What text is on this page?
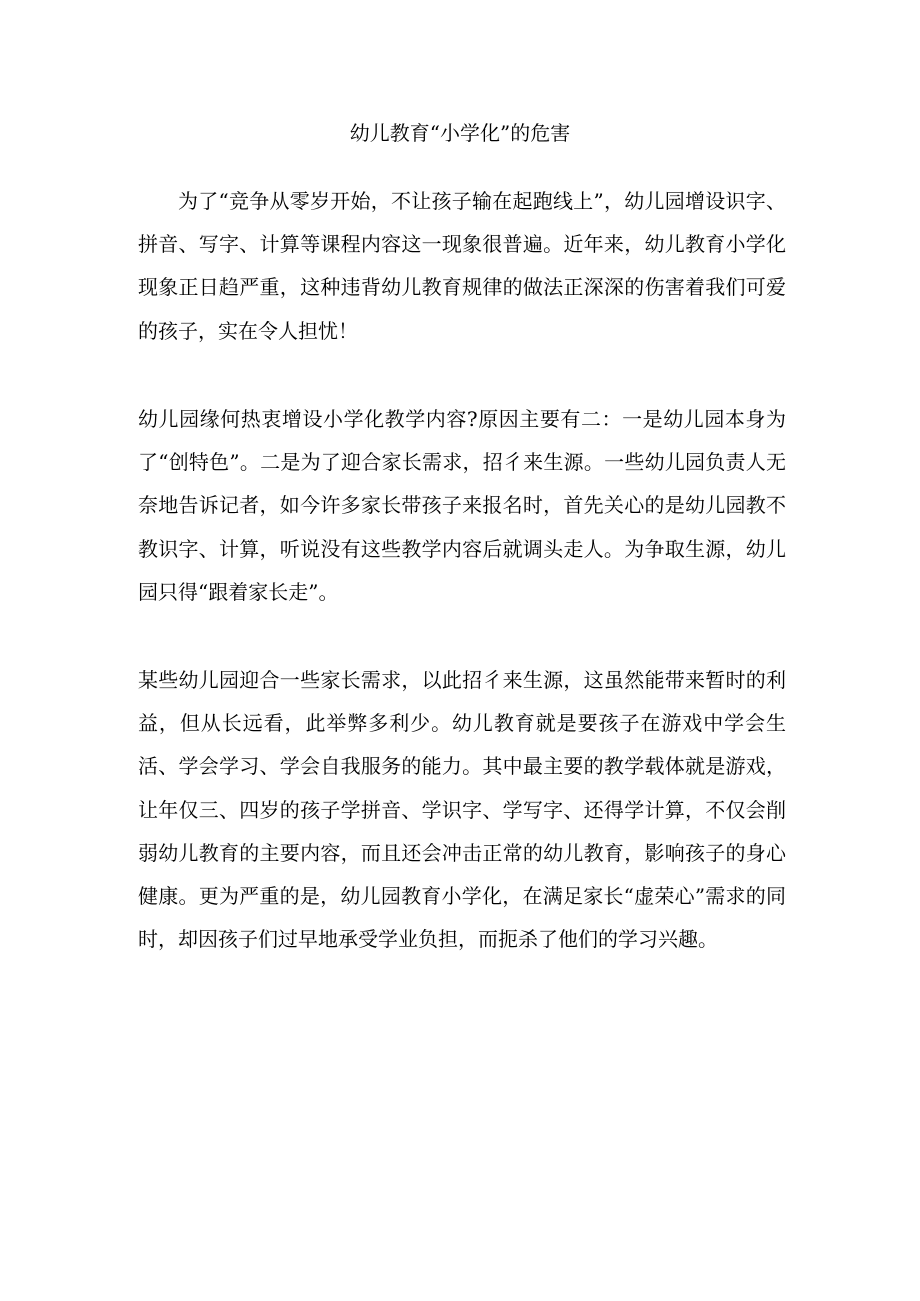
幼儿教育“小学化”的危害

为了“竞争从零岁开始，不让孩子输在起跑线上”，幼儿园增设识字、拼音、写字、计算等课程内容这一现象很普遍。近年来，幼儿教育小学化现象正日趋严重，这种违背幼儿教育规律的做法正深深的伤害着我们可爱的孩子，实在令人担忧！

幼儿园缘何热衷增设小学化教学内容?原因主要有二：一是幼儿园本身为了“创特色”。二是为了迎合家长需求，招彳来生源。一些幼儿园负责人无奈地告诉记者，如今许多家长带孩子来报名时，首先关心的是幼儿园教不教识字、计算，听说没有这些教学内容后就调头走人。为争取生源，幼儿园只得“跟着家长走”。

某些幼儿园迎合一些家长需求，以此招彳来生源，这虽然能带来暂时的利益，但从长远看，此举弊多利少。幼儿教育就是要孩子在游戏中学会生活、学会学习、学会自我服务的能力。其中最主要的教学载体就是游戏，让年仅三、四岁的孩子学拼音、学识字、学写字、还得学计算，不仅会削弱幼儿教育的主要内容，而且还会冲击正常的幼儿教育，影响孩子的身心健康。更为严重的是，幼儿园教育小学化，在满足家长“虚荣心”需求的同时，却因孩子们过早地承受学业负担，而扼杀了他们的学习兴趣。
